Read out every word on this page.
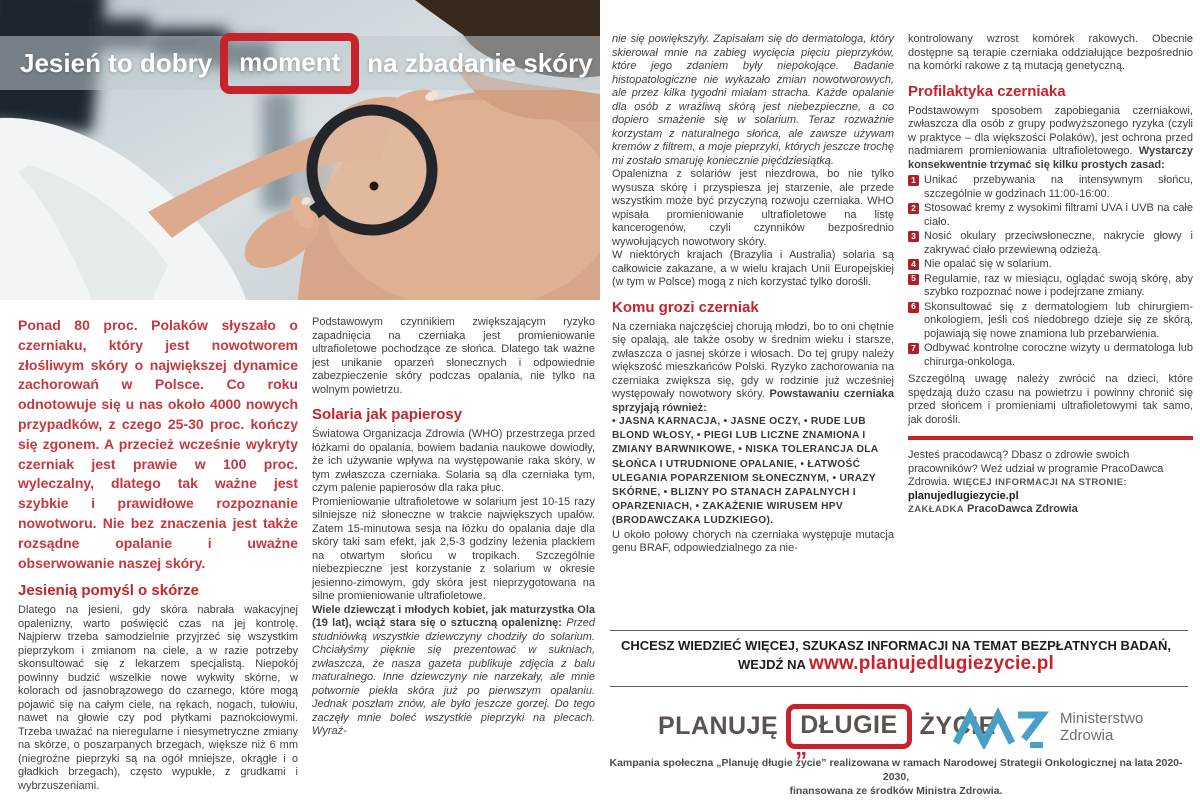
Jesień to dobry	moment	na zbadanie skóry

Ponad 80 proc. Polaków słyszało o czerniaku, który jest nowotworem złośliwym skóry o największej dynamice zachorowań w Polsce. Co roku odnotowuje się u nas około 4000 nowych przypadków, z czego 25-30 proc. kończy się zgonem. A przecież wcześnie wykryty czerniak jest prawie w 100 proc. wyleczalny, dlatego tak ważne jest szybkie i prawidłowe rozpoznanie nowotworu. Nie bez znaczenia jest także rozsądne opalanie i uważne obserwowanie naszej skóry.

Jesienią pomyśl o skórze

Dlatego na jesieni, gdy skóra nabrała wakacyjnej opalenizny, warto poświęcić czas na jej kontrolę. Najpierw trzeba samodzielnie przyjrzeć się wszystkim pieprzykom i zmianom na ciele, a w razie potrzeby skonsultować się z lekarzem specjalistą. Niepokój powinny budzić wszelkie nowe wykwity skórne, w kolorach od jasnobrązowego do czarnego, które mogą pojawić się na całym ciele, na rękach, nogach, tułowiu, nawet na głowie czy pod płytkami paznokciowymi. Trzeba uważać na nieregularne i niesymetryczne zmiany na skórze, o poszarpanych brzegach, większe niż 6 mm (niegroźne pieprzyki są na ogół mniejsze, okrągłe i o gładkich brzegach), często wypukłe, z grudkami i wybrzuszeniami.

Podstawowym czynnikiem zwiększającym ryzyko zapadnięcia na czerniaka jest promieniowanie ultrafioletowe pochodzące ze słońca. Dlatego tak ważne jest unikanie oparzeń słonecznych i odpowiednie zabezpieczenie skóry podczas opalania, nie tylko na wolnym powietrzu.

Solaria jak papierosy

Światowa Organizacja Zdrowia (WHO) przestrzega przed łóżkami do opalania, bowiem badania naukowe dowiodły, że ich używanie wpływa na występowanie raka skóry, w tym zwłaszcza czerniaka. Solaria są dla czerniaka tym, czym palenie papierosów dla raka płuc.

Promieniowanie ultrafioletowe w solarium jest 10-15 razy silniejsze niż słoneczne w trakcie największych upałów. Zatem 15-minutowa sesja na łóżku do opalania daje dla skóry taki sam efekt, jak 2,5-3 godziny leżenia plackiem na otwartym słońcu w tropikach. Szczególnie niebezpieczne jest korzystanie z solarium w okresie jesienno-zimowym, gdy skóra jest nieprzygotowana na silne promieniowanie ultrafioletowe.

Wiele dziewcząt i młodych kobiet, jak maturzystka Ola (19 lat), wciąż stara się o sztuczną opaleniznę: Przed studniówką wszystkie dziewczyny chodziły do solarium. Chciałyśmy pięknie się prezentować w sukniach, zwłaszcza, że nasza gazeta publikuje zdjęcia z balu maturalnego. Inne dziewczyny nie narzekały, ale mnie potwornie piekła skóra już po pierwszym opalaniu. Jednak poszłam znów, ale było jeszcze gorzej. Do tego zaczęły mnie boleć wszystkie pieprzyki na plecach. Wyraź-

nie się powiększyły. Zapisałam się do dermatologa, który skierował mnie na zabieg wycięcia pięciu pieprzyków, które jego zdaniem były niepokojące. Badanie histopatologiczne nie wykazało zmian nowotworowych, ale przez kilka tygodni miałam stracha. Każde opalanie dla osób z wrażliwą skórą jest niebezpieczne, a co dopiero smażenie się w solarium. Teraz rozważnie korzystam z naturalnego słońca, ale zawsze używam kremów z filtrem, a moje pieprzyki, których jeszcze trochę mi zostało smaruję koniecznie pięćdziesiątką.

Opalenizna z solariów jest niezdrowa, bo nie tylko wysusza skórę i przyspiesza jej starzenie, ale przede wszystkim może być przyczyną rozwoju czerniaka. WHO wpisała promieniowanie ultrafioletowe na listę kancerogenów, czyli czynników bezpośrednio wywołujących nowotwory skóry.

W niektórych krajach (Brazylia i Australia) solaria są całkowicie zakazane, a w wielu krajach Unii Europejskiej (w tym w Polsce) mogą z nich korzystać tylko dorośli.

Komu grozi czerniak

Na czerniaka najczęściej chorują młodzi, bo to oni chętnie się opalają, ale także osoby w średnim wieku i starsze, zwłaszcza o jasnej skórze i włosach. Do tej grupy należy większość mieszkańców Polski. Ryzyko zachorowania na czerniaka zwiększa się, gdy w rodzinie już wcześniej występowały nowotwory skóry. Powstawaniu czerniaka sprzyjają również:

• JASNA KARNACJA, • JASNE OCZY, • RUDE LUB BLOND WŁOSY, • PIEGI LUB LICZNE ZNAMIONA I ZMIANY BARWNIKOWE, • NISKA TOLERANCJA DLA SŁOŃCA I UTRUDNIONE OPALANIE, • ŁATWOŚĆ ULEGANIA POPARZENIOM SŁONECZNYM, • URAZY SKÓRNE, • BLIZNY PO STANACH ZAPALNYCH I OPARZENIACH, • ZAKAŻENIE WIRUSEM HPV (BRODAWCZAKA LUDZKIEGO).

U około połowy chorych na czerniaka występuje mutacja genu BRAF, odpowiedzialnego za nie-

kontrolowany wzrost komórek rakowych. Obecnie dostępne są terapie czerniaka oddziałujące bezpośrednio na komórki rakowe z tą mutacją genetyczną.

Profilaktyka czerniaka

Podstawowym sposobem zapobiegania czerniakowi, zwłaszcza dla osób z grupy podwyższonego ryzyka (czyli w praktyce – dla większości Polaków), jest ochrona przed nadmiarem promieniowania ultrafioletowego. Wystarczy konsekwentnie trzymać się kilku prostych zasad:

1 Unikać przebywania na intensywnym słońcu, szczególnie w godzinach 11:00-16:00.
2 Stosować kremy z wysokimi filtrami UVA i UVB na całe ciało.
3 Nosić okulary przeciwsłoneczne, nakrycie głowy i zakrywać ciało przewiewną odzieżą.
4 Nie opalać się w solarium.
5 Regularnie, raz w miesiącu, oglądać swoją skórę, aby szybko rozpoznać nowe i podejrzane zmiany.
6 Skonsultować się z dermatologiem lub chirurgiem-onkologiem, jeśli coś niedobrego dzieje się ze skórą, pojawiają się nowe znamiona lub przebarwienia.
7 Odbywać kontrolne coroczne wizyty u dermatologa lub chirurga-onkologa.

Szczególną uwagę należy zwrócić na dzieci, które spędzają dużo czasu na powietrzu i powinny chronić się przed słońcem i promieniami ultrafioletowymi tak samo, jak dorośli.

Jesteś pracodawcą? Dbasz o zdrowie swoich pracowników? Weź udział w programie PracoDawca Zdrowia. WIĘCEJ INFORMACJI NA STRONIE: planujedlugiezycie.pl
ZAKŁADKA PracoDawca Zdrowia

CHCESZ WIEDZIEĆ WIĘCEJ, SZUKASZ INFORMACJI NA TEMAT BEZPŁATNYCH BADAŃ,
WEJDŹ NA www.planujedlugiezycie.pl
PLANUJĘ DŁUGIE
„
ŻYCIE	Ministerstwo
Zdrowia
Kampania społeczna „Planuję długie życie” realizowana w ramach Narodowej Strategii Onkologicznej na lata 2020-2030,
finansowana ze środków Ministra Zdrowia.
